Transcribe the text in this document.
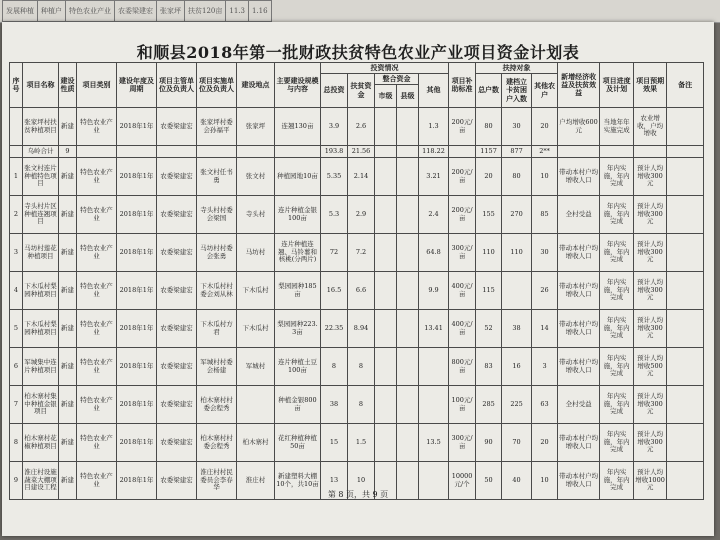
发展种植	种植户	特色农业产业	农委梁建宏	张家坪	扶贫120亩	11.3	1.16
和顺县2018年第一批财政扶贫特色农业产业项目资金计划表
序号	项目名称	建设性质	项目类别	建设年度及周期	项目主管单位及负责人	项目实施单位及负责人	建设地点	主要建设规模与内容	投资情况					项目补助标准	扶持对象			新增经济收益及扶贫效益	项目进度及计划	项目预期效果	备注
									总投资	扶贫资金	整合资金		其他		总户数	建档立卡贫困户入数	其他农户				
											市级	县级									
	张家坪村扶贫种植项目	新建	特色农业产业	2018年1年	农委梁建宏	张家坪村委会孙福平	张家坪	连翘130亩	3.9	2.6			1.3	200元/亩	80	30	20	户均增收600元	当地年年实施完成	农业增收，户均增收	
	乌岭合计	9							193.8	21.56			118.22		1157	877	2**				
1	张文村连片种植特色项目	新建	特色农业产业	2018年1年	农委梁建宏	张文村任书勇	张文村	种植园地10亩	5.35	2.14			3.21	200元/亩	20	80	10	带动本村户均增收人口	年内实施，年内完成	预计人均增收300元	
2	寺头村片区种植连翘项目	新建	特色农业产业	2018年1年	农委梁建宏	寺头村村委会梁国	寺头村	连片种植金银100亩	5.3	2.9			2.4	200元/亩	155	270	85	全村受益	年内实施，年内完成	预计人均增收300元	
3	马坊村莲花种植项目	新建	特色农业产业	2018年1年	农委梁建宏	马坊村村委会张勇	马坊村	连片种植连翘、马铃薯和核桃(分两片)	72	7.2			64.8	300元/亩	110	110	30	带动本村户均增收人口	年内实施，年内完成	预计人均增收300元	
4	下木瓜村梨园种植项目	新建	特色农业产业	2018年1年	农委梁建宏	下木瓜村村委会刘从林	下木瓜村	梨园园种185亩	16.5	6.6			9.9	400元/亩	115		26	带动本村户均增收人口	年内实施，年内完成	预计人均增收300元	
5	下木瓜村梨园种植项目	新建	特色农业产业	2018年1年	农委梁建宏	下木瓜村方君	下木瓜村	梨园园种223.3亩	22.35	8.94			13.41	400元/亩	52	38	14	带动本村户均增收人口	年内实施，年内完成	预计人均增收300元	
6	军城集中连片种植项目	新建	特色农业产业	2018年1年	农委梁建宏	军城村村委会杨建	军城村	连片种植土豆100亩	8	8				800元/亩	83	16	3	带动本村户均增收人口	年内实施，年内完成	预计人均增收500元	
7	柏木寨村集中种植金银项目	新建	特色农业产业	2018年1年	农委梁建宏	柏木寨村村委会程秀		种植金银800亩	38	8				100元/亩	285	225	63	全村受益	年内实施，年内完成	预计人均增收300元	
8	柏木寨村花椒种植项目	新建	特色农业产业	2018年1年	农委梁建宏	柏木寨村村委会程秀	柏木寨村	花红种植种植50亩	15	1.5			13.5	300元/亩	90	70	20	带动本村户均增收人口	年内实施，年内完成	预计人均增收300元	
9	淮庄村设施蔬菜大棚项目建设工程	新建	特色农业产业	2018年1年	农委梁建宏	淮庄村村民委员会李春华	淮庄村	新建塑料大棚10个，共10亩	13	10				10000元/个	50	40	10	带动本村户均增收人口	年内实施，年内完成	预计人均增收1000元	
第 8 页，共 9 页
